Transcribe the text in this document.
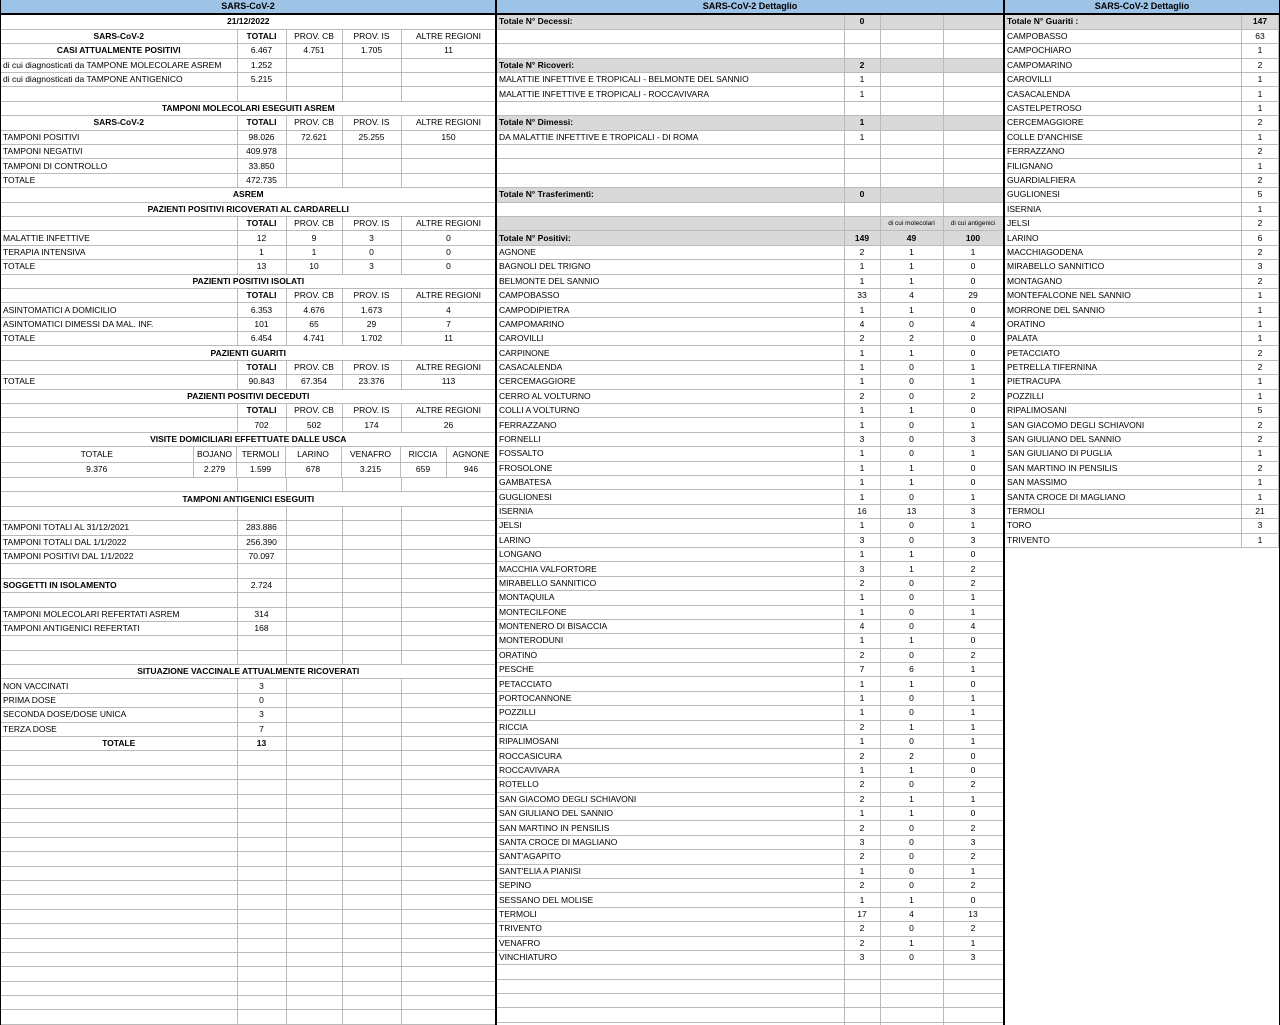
SARS-CoV-2
21/12/2022
SARS-CoV-2	TOTALI	PROV. CB	PROV. IS	ALTRE REGIONI
CASI ATTUALMENTE POSITIVI	6.467	4.751	1.705	11
di cui diagnosticati da TAMPONE MOLECOLARE ASREM	1.252			
di cui diagnosticati da TAMPONE ANTIGENICO	5.215			

TAMPONI MOLECOLARI ESEGUITI ASREM
SARS-CoV-2	TOTALI	PROV. CB	PROV. IS	ALTRE REGIONI
TAMPONI POSITIVI	98.026	72.621	25.255	150
TAMPONI NEGATIVI	409.978			
TAMPONI DI CONTROLLO	33.850			
TOTALE	472.735			
ASREM
PAZIENTI POSITIVI RICOVERATI AL CARDARELLI
	TOTALI	PROV. CB	PROV. IS	ALTRE REGIONI
MALATTIE INFETTIVE	12	9	3	0
TERAPIA INTENSIVA	1	1	0	0
TOTALE	13	10	3	0
PAZIENTI POSITIVI ISOLATI
	TOTALI	PROV. CB	PROV. IS	ALTRE REGIONI
ASINTOMATICI A DOMICILIO	6.353	4.676	1.673	4
ASINTOMATICI DIMESSI DA MAL. INF.	101	65	29	7
TOTALE	6.454	4.741	1.702	11
PAZIENTI GUARITI
	TOTALI	PROV. CB	PROV. IS	ALTRE REGIONI
TOTALE	90.843	67.354	23.376	113
PAZIENTI POSITIVI DECEDUTI
	TOTALI	PROV. CB	PROV. IS	ALTRE REGIONI
	702	502	174	26
VISITE DOMICILIARI EFFETTUATE DALLE USCA

TOTALE	BOJANO	TERMOLI	LARINO	VENAFRO	RICCIA	AGNONE

9.376	2.279	1.599	678	3.215	659	946

TAMPONI ANTIGENICI ESEGUITI

TAMPONI TOTALI AL 31/12/2021	283.886			
TAMPONI TOTALI DAL 1/1/2022	256.390			
TAMPONI POSITIVI DAL 1/1/2022	70.097			

SOGGETTI IN ISOLAMENTO	2.724			

TAMPONI MOLECOLARI REFERTATI ASREM	314			
TAMPONI ANTIGENICI REFERTATI	168			

SITUAZIONE VACCINALE ATTUALMENTE RICOVERATI
NON VACCINATI	3			
PRIMA DOSE	0			
SECONDA DOSE/DOSE UNICA	3			
TERZA DOSE	7			
TOTALE	13			

SARS-CoV-2 Dettaglio
Totale N° Decessi:	0		

Totale N° Ricoveri:	2		
MALATTIE INFETTIVE E TROPICALI - BELMONTE DEL SANNIO	1		
MALATTIE INFETTIVE E TROPICALI - ROCCAVIVARA	1		

Totale N° Dimessi:	1		
DA MALATTIE INFETTIVE E TROPICALI - DI ROMA	1		

Totale N° Trasferimenti:	0		

		di cui molecolari	di cui antigenici
Totale N° Positivi:	149	49	100
AGNONE	2	1	1
BAGNOLI DEL TRIGNO	1	1	0
BELMONTE DEL SANNIO	1	1	0
CAMPOBASSO	33	4	29
CAMPODIPIETRA	1	1	0
CAMPOMARINO	4	0	4
CAROVILLI	2	2	0
CARPINONE	1	1	0
CASACALENDA	1	0	1
CERCEMAGGIORE	1	0	1
CERRO AL VOLTURNO	2	0	2
COLLI A VOLTURNO	1	1	0
FERRAZZANO	1	0	1
FORNELLI	3	0	3
FOSSALTO	1	0	1
FROSOLONE	1	1	0
GAMBATESA	1	1	0
GUGLIONESI	1	0	1
ISERNIA	16	13	3
JELSI	1	0	1
LARINO	3	0	3
LONGANO	1	1	0
MACCHIA VALFORTORE	3	1	2
MIRABELLO SANNITICO	2	0	2
MONTAQUILA	1	0	1
MONTECILFONE	1	0	1
MONTENERO DI BISACCIA	4	0	4
MONTERODUNI	1	1	0
ORATINO	2	0	2
PESCHE	7	6	1
PETACCIATO	1	1	0
PORTOCANNONE	1	0	1
POZZILLI	1	0	1
RICCIA	2	1	1
RIPALIMOSANI	1	0	1
ROCCASICURA	2	2	0
ROCCAVIVARA	1	1	0
ROTELLO	2	0	2
SAN GIACOMO DEGLI SCHIAVONI	2	1	1
SAN GIULIANO DEL SANNIO	1	1	0
SAN MARTINO IN PENSILIS	2	0	2
SANTA CROCE DI MAGLIANO	3	0	3
SANT'AGAPITO	2	0	2
SANT'ELIA A PIANISI	1	0	1
SEPINO	2	0	2
SESSANO DEL MOLISE	1	1	0
TERMOLI	17	4	13
TRIVENTO	2	0	2
VENAFRO	2	1	1
VINCHIATURO	3	0	3

SARS-CoV-2 Dettaglio
Totale N° Guariti :	147
CAMPOBASSO	63
CAMPOCHIARO	1
CAMPOMARINO	2
CAROVILLI	1
CASACALENDA	1
CASTELPETROSO	1
CERCEMAGGIORE	2
COLLE D'ANCHISE	1
FERRAZZANO	2
FILIGNANO	1
GUARDIALFIERA	2
GUGLIONESI	5
ISERNIA	1
JELSI	2
LARINO	6
MACCHIAGODENA	2
MIRABELLO SANNITICO	3
MONTAGANO	2
MONTEFALCONE NEL SANNIO	1
MORRONE DEL SANNIO	1
ORATINO	1
PALATA	1
PETACCIATO	2
PETRELLA TIFERNINA	2
PIETRACUPA	1
POZZILLI	1
RIPALIMOSANI	5
SAN GIACOMO DEGLI SCHIAVONI	2
SAN GIULIANO DEL SANNIO	2
SAN GIULIANO DI PUGLIA	1
SAN MARTINO IN PENSILIS	2
SAN MASSIMO	1
SANTA CROCE DI MAGLIANO	1
TERMOLI	21
TORO	3
TRIVENTO	1
